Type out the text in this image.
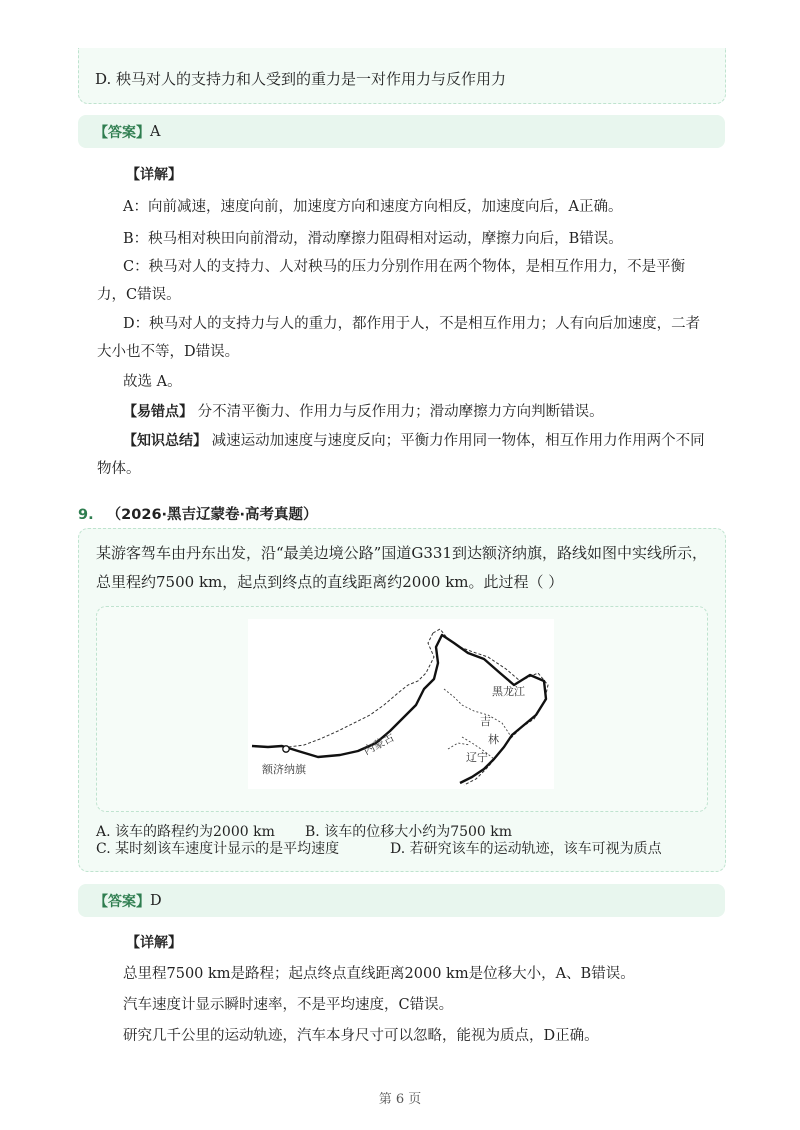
D. 秧马对人的支持力和人受到的重力是一对作用力与反作用力
【答案】 A
【详解】
A：向前减速，速度向前，加速度方向和速度方向相反，加速度向后，A正确。
B：秧马相对秧田向前滑动，滑动摩擦力阻碍相对运动，摩擦力向后，B错误。
C：秧马对人的支持力、人对秧马的压力分别作用在两个物体，是相互作用力，不是平衡力，C错误。
D：秧马对人的支持力与人的重力，都作用于人，不是相互作用力；人有向后加速度，二者大小也不等，D错误。
故选 A。
【易错点】 分不清平衡力、作用力与反作用力；滑动摩擦力方向判断错误。
【知识总结】 减速运动加速度与速度反向；平衡力作用同一物体，相互作用力作用两个不同物体。
9. （2026·黑吉辽蒙卷·高考真题）
某游客驾车由丹东出发，沿“最美边境公路”国道G331到达额济纳旗，路线如图中实线所示，总里程约7500 km，起点到终点的直线距离约2000 km。此过程（ ）
黑龙江
吉
林
辽宁
内蒙古
额济纳旗
A. 该车的路程约为2000 km B. 该车的位移大小约为7500 km
C. 某时刻该车速度计显示的是平均速度	D. 若研究该车的运动轨迹，该车可视为质点
【答案】 D
【详解】
总里程7500 km是路程；起点终点直线距离2000 km是位移大小，A、B错误。
汽车速度计显示瞬时速率，不是平均速度，C错误。
研究几千公里的运动轨迹，汽车本身尺寸可以忽略，能视为质点，D正确。
第 6 页
